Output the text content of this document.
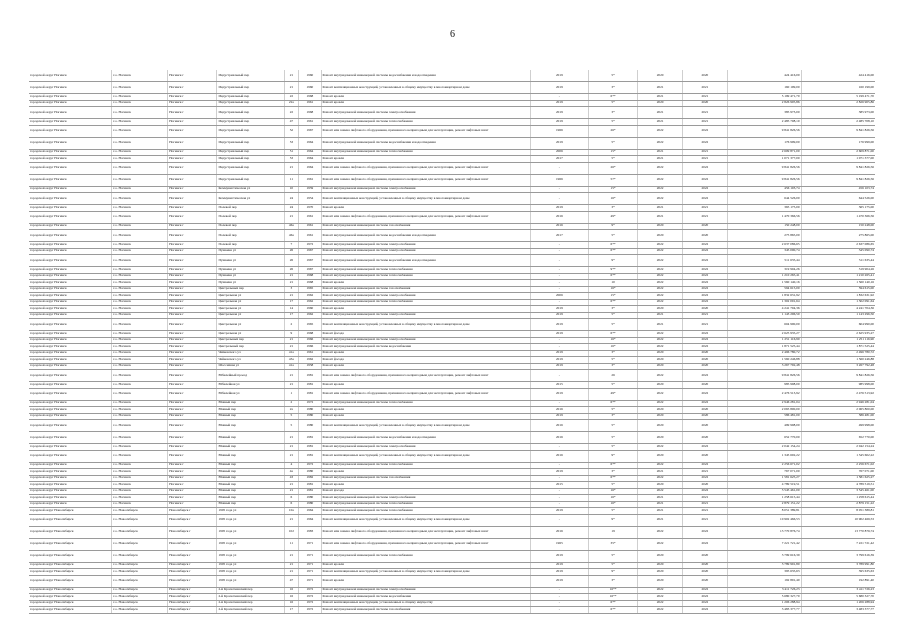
6
городской округ Ногинск	г.о. Ногинск	Ногинск г	Индустриальный пер	21	1960	Ремонт внутридомовой инженерной системы водоснабжения и водоотведения	2019	5*	2020	2020	424 416,00	424 416,00
городской округ Ногинск	г.о. Ногинск	Ногинск г	Индустриальный пер	21	1960	Ремонт вентиляционных конструкций, установленных в общему имуществу в многоквартирном доме	2019	3*	2021	2021	160 199,00	160 199,00
городской округ Ногинск	г.о. Ногинск	Ногинск г	Индустриальный пер	22	1968	Ремонт кровли	-	6**	2021	2021	5 199 471,70	5 199 471,70
городской округ Ногинск	г.о. Ногинск	Ногинск г	Индустриальный пер	22а	1961	Ремонт кровли	2019	5*	2020	2020	2 826 905,86	2 826 905,86
городской округ Ногинск	г.о. Ногинск	Ногинск г	Индустриальный пер	22	1968	Ремонт внутридомовой инженерной системы электроснабжения	2019	3*	2021	2021	385 973,00	385 973,00
городской округ Ногинск	г.о. Ногинск	Ногинск г	Индустриальный пер	47	1961	Ремонт внутридомовой инженерной системы теплоснабжения	2019	5*	2021	2021	2 485 708,10	2 485 708,10
городской округ Ногинск	г.о. Ногинск	Ногинск г	Индустриальный пер	52	1967	Ремонт или замена лифтового оборудования, признанного непригодным для эксплуатации, ремонт лифтовых шахт	1966	26*	2022	2022	9 841 826,56	9 841 826,56
городской округ Ногинск	г.о. Ногинск	Ногинск г	Индустриальный пер	53	1964	Ремонт внутридомовой инженерной системы водоснабжения и водоотведения	2019	5*	2022	2022	176 999,00	176 999,00
городской округ Ногинск	г.о. Ногинск	Ногинск г	Индустриальный пер	51	1964	Ремонт внутридомовой инженерной системы теплоснабжения	2006	15*	2021	2021	2 609 871,00	2 609 871,00
городской округ Ногинск	г.о. Ногинск	Ногинск г	Индустриальный пер	53	1964	Ремонт кровли	2017	5*	2021	2021	1 071 377,00	1 071 377,00
городской округ Ногинск	г.о. Ногинск	Ногинск г	Индустриальный пер	21	1964	Ремонт или замена лифтового оборудования, признанного непригодным для эксплуатации, ремонт лифтовых шахт	-	26*	2022	2022	9 841 826,56	9 841 826,56
городской округ Ногинск	г.о. Ногинск	Ногинск г	Индустриальный пер	11	1961	Ремонт или замена лифтового оборудования, признанного непригодным для эксплуатации, ремонт лифтовых шахт	1966	57*	2022	2022	9 841 826,56	9 841 826,56
городской округ Ногинск	г.о. Ногинск	Ногинск г	Коммунистическая ул	10	1959	Ремонт внутридомовой инженерной системы электроснабжения	-	15*	2022	2022	456 103,74	456 103,74
городской округ Ногинск	г.о. Ногинск	Ногинск г	Коммунистическая ул	24	1954	Ремонт вентиляционных конструкций, установленных в общему имуществу в многоквартирном доме	-	16*	2022	2022	644 526,00	644 526,00
городской округ Ногинск	г.о. Ногинск	Ногинск г	Полевой пер	24	1970	Ремонт кровли	2019	3*	2021	2021	365 175,00	365 175,00
городской округ Ногинск	г.о. Ногинск	Ногинск г	Полевой пер	21	1961	Ремонт или замена лифтового оборудования, признанного непригодным для эксплуатации, ремонт лифтовых шахт	2016	49*	2021	2021	1 470 366,56	1 470 366,56
городской округ Ногинск	г.о. Ногинск	Ногинск г	Полевой пер	46а	1961	Ремонт внутридомовой инженерной системы газоснабжения	2016	9*	2020	2020	150 248,00	150 248,00
городской округ Ногинск	г.о. Ногинск	Ногинск г	Полевой пер	46а	1961	Ремонт внутридомовой инженерной системы водоснабжения и водоотведения	2017	5*	2020	2020	275 865,00	275 865,00
городской округ Ногинск	г.о. Ногинск	Ногинск г	Полевой пер	7	1972	Ремонт внутридомовой инженерной системы электроснабжения	-	6**	2022	2022	2 637 086,65	2 637 086,65
городской округ Ногинск	г.о. Ногинск	Ногинск г	Пушкина ул	26	1967	Ремонт внутридомовой инженерной системы электроснабжения	-	6**	2022	2022	345 090,74	345 090,74
городской округ Ногинск	г.о. Ногинск	Ногинск г	Пушкина ул	26	1967	Ремонт внутридомовой инженерной системы водоснабжения и водоотведения	-	9*	2022	2022	511 635,44	511 635,44
городской округ Ногинск	г.о. Ногинск	Ногинск г	Пушкина ул	26	1967	Ремонт внутридомовой инженерной системы теплоснабжения	-	9**	2022	2022	319 904,26	319 904,26
городской округ Ногинск	г.о. Ногинск	Ногинск г	Пушкина ул	21	1968	Ремонт внутридомовой инженерной системы теплоснабжения	-	6**	2022	2022	1 210 265,41	1 210 265,41
городской округ Ногинск	г.о. Ногинск	Ногинск г	Пушкина ул	21	1968	Ремонт кровли	-	10	2022	2022	1 560 140,16	1 560 140,16
городской округ Ногинск	г.о. Ногинск	Ногинск г	Центральный пер	3	1965	Ремонт внутридомовой инженерной системы газоснабжения	-	16*	2022	2022	594 615,00	594 615,00
городской округ Ногинск	г.о. Ногинск	Ногинск г	Центральная ул	21	1962	Ремонт внутридомовой инженерной системы электроснабжения	2006	15*	2022	2022	1 832 631,92	1 832 631,92
городской округ Ногинск	г.о. Ногинск	Ногинск г	Центральная ул	17	1962	Ремонт внутридомовой инженерной системы теплоснабжения	-	6**	2022	2022	1 302 091,64	1 302 091,64
городской округ Ногинск	г.о. Ногинск	Ногинск г	Центральная ул	14	1960	Ремонт кровли	2019	3*	2020	2020	4 241 704,36	4 241 704,36
городской округ Ногинск	г.о. Ногинск	Ногинск г	Центральная ул	17	1962	Ремонт внутридомовой инженерной системы электроснабжения	2019	5*	2021	2021	1 143 296,50	1 143 296,50
городской округ Ногинск	г.о. Ногинск	Ногинск г	Центральная ул	2	1965	Ремонт вентиляционных конструкций, установленных в общему имуществу в многоквартирном доме	2019	5*	2021	2021	604 990,00	604 990,00
городской округ Ногинск	г.о. Ногинск	Ногинск г	Центральная ул	9	1968	Ремонт фасада	2019	6**	2022	2022	2 625 935,27	2 625 935,27
городской округ Ногинск	г.о. Ногинск	Ногинск г	Центральный пер	21	1966	Ремонт внутридомовой инженерной системы электроснабжения	-	16*	2022	2022	1 251 116,90	1 251 116,90
городской округ Ногинск	г.о. Ногинск	Ногинск г	Центральный пер	21	1966	Ремонт внутридомовой инженерной системы водоснабжения	-	16*	2022	2022	1 871 525,44	1 871 525,44
городской округ Ногинск	г.о. Ногинск	Ногинск г	Чайковского ул	41а	1961	Ремонт кровли	2019	3*	2020	2020	2 496 780,72	2 496 780,72
городской округ Ногинск	г.о. Ногинск	Ногинск г	Чайковского ул	43а	1962	Ремонт фасада	2019	5*	2020	2020	1 560 246,88	1 560 246,88
городской округ Ногинск	г.о. Ногинск	Ногинск г	Шоссейная ул	41а	1958	Ремонт кровли	2019	3*	2020	2020	3 267 792,48	3 267 792,48
городской округ Ногинск	г.о. Ногинск	Ногинск г	Юбилейный проезд	21	1981	Ремонт или замена лифтового оборудования, признанного непригодным для эксплуатации, ремонт лифтовых шахт	-	26	2022	2022	9 841 826,56	9 841 826,56
городской округ Ногинск	г.о. Ногинск	Ногинск г	Юбилейная ул	21	1981	Ремонт кровли	2015	5*	2020	2020	985 998,00	985 998,00
городской округ Ногинск	г.о. Ногинск	Ногинск г	Юбилейная ул	1	1981	Ремонт или замена лифтового оборудования, признанного непригодным для эксплуатации, ремонт лифтовых шахт	2019	49*	2022	2022	2 476 513,92	2 476 513,92
городской округ Ногинск	г.о. Ногинск	Ногинск г	Южный пер	2	1972	Ремонт внутридомовой инженерной системы теплоснабжения	-	6**	2022	2022	2 946 281,04	2 946 281,04
городской округ Ногинск	г.о. Ногинск	Ногинск г	Южный пер	2а	1980	Ремонт кровли	2016	5*	2020	2020	2 065 800,00	2 065 800,00
городской округ Ногинск	г.о. Ногинск	Ногинск г	Южный пер	5	1980	Ремонт кровли	2019	3*	2020	2020	586 481,00	586 481,00
городской округ Ногинск	г.о. Ногинск	Ногинск г	Южный пер	5	1980	Ремонт вентиляционных конструкций, установленных в общему имуществу в многоквартирном доме	2016	5*	2020	2020	499 998,00	499 998,00
городской округ Ногинск	г.о. Ногинск	Ногинск г	Южный пер	21	1981	Ремонт внутридомовой инженерной системы водоснабжения и водоотведения	2016	5*	2020	2020	652 770,00	652 770,00
городской округ Ногинск	г.о. Ногинск	Ногинск г	Южный пер	21	1981	Ремонт внутридомовой инженерной системы электроснабжения	-	5*	2022	2022	2 042 154,24	2 042 154,24
городской округ Ногинск	г.о. Ногинск	Ногинск г	Южный пер	21	1981	Ремонт вентиляционных конструкций, установленных в общему имуществу в многоквартирном доме	2016	9*	2020	2020	1 345 602,22	1 345 602,22
городской округ Ногинск	г.о. Ногинск	Ногинск г	Южный пер	4	1972	Ремонт внутридомовой инженерной системы теплоснабжения	-	6**	2022	2022	2 256 671,02	2 256 671,02
городской округ Ногинск	г.о. Ногинск	Ногинск г	Южный пер	4а	1980	Ремонт кровли	2019	3*	2021	2021	767 071,00	767 071,00
городской округ Ногинск	г.о. Ногинск	Ногинск г	Южный пер	43	1982	Ремонт внутридомовой инженерной системы газоснабжения	-	6**	2022	2022	1 581 625,27	1 581 625,27
городской округ Ногинск	г.о. Ногинск	Ногинск г	Южный пер	21	1981	Ремонт кровли	2015	5*	2020	2020	4 789 519,51	4 789 519,51
городской округ Ногинск	г.о. Ногинск	Ногинск г	Южный пер	21	1981	Ремонт фасада	-	16*	2022	2022	3 545 461,00	3 545 461,00
городской округ Ногинск	г.о. Ногинск	Ногинск г	Южный пер	6	1980	Ремонт внутридомовой инженерной системы электроснабжения	-	16*	2021	2021	1 258 615,44	1 258 615,44
городской округ Ногинск	г.о. Ногинск	Ногинск г	Южный пер	6	1980	Ремонт внутридомовой инженерной системы теплоснабжения	-	16*	2021	2021	2 879 151,22	2 879 151,22
городской округ Новосибирск	г.о. Новосибирск	Новосибирск г	1905 года ул	10а	1964	Ремонт внутридомовой инженерной системы теплоснабжения	2019	5*	2021	2021	8 051 389,81	8 051 389,81
городской округ Новосибирск	г.о. Новосибирск	Новосибирск г	1905 года ул	21	1964	Ремонт вентиляционных конструкций, установленных в общему имуществу в многоквартирном доме	-	9*	2021	2021	10 902 466,53	10 902 466,53
городской округ Новосибирск	г.о. Новосибирск	Новосибирск г	1905 года ул	102	1983	Ремонт или замена лифтового оборудования, признанного непригодным для эксплуатации, ремонт лифтовых шахт	2016	19	2022	2022	13 770 876,74	13 770 876,74
городской округ Новосибирск	г.о. Новосибирск	Новосибирск г	1905 года ул	11	1971	Ремонт или замена лифтового оборудования, признанного непригодным для эксплуатации, ремонт лифтовых шахт	1965	35*	2022	2022	7 221 721,42	7 221 721,42
городской округ Новосибирск	г.о. Новосибирск	Новосибирск г	1905 года ул	21	1971	Ремонт внутридомовой инженерной системы теплоснабжения	2019	5*	2020	2020	3 799 616,39	3 799 616,39
городской округ Новосибирск	г.о. Новосибирск	Новосибирск г	1905 года ул	21	1971	Ремонт кровли	2019	5*	2020	2020	3 789 991,80	3 789 991,80
городской округ Новосибирск	г.о. Новосибирск	Новосибирск г	1905 года ул	21	1971	Ремонт вентиляционных конструкций, установленных в общему имуществу в многоквартирном доме	2019	9*	2020	2020	395 635,63	395 635,63
городской округ Новосибирск	г.о. Новосибирск	Новосибирск г	1905 года ул	47	1971	Ремонт кровли	2019	3*	2020	2020	192 891,40	192 891,40
городской округ Новосибирск	г.о. Новосибирск	Новосибирск г	2-й Кропоткинский пер	16	1972	Ремонт внутридомовой инженерной системы электроснабжения	-	16**	2022	2022	3 411 726,23	3 411 726,23
городской округ Новосибирск	г.о. Новосибирск	Новосибирск г	2-й Кропоткинский пер	16	1972	Ремонт внутридомовой инженерной системы водоснабжения	-	16**	2022	2022	5 680 327,70	5 680 327,70
городской округ Новосибирск	г.о. Новосибирск	Новосибирск г	2-й Кропоткинский пер	16	1972	Ремонт вентиляционных конструкций, установленных в общему имуществу	-	6**	2022	2022	1 206 288,94	1 206 288,94
городской округ Новосибирск	г.о. Новосибирск	Новосибирск г	2-й Кропоткинский пер	17	1972	Ремонт внутридомовой инженерной системы газоснабжения	-	6**	2022	2022	3 483 377,77	3 483 377,77
